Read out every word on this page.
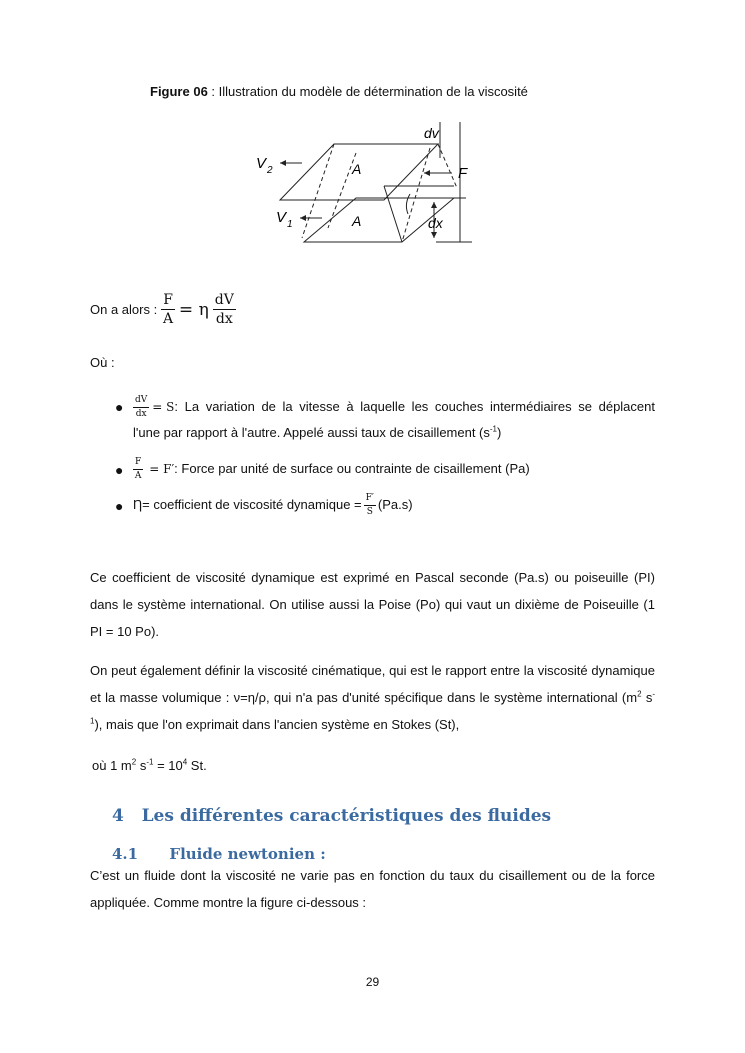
Figure 06 : Illustration du modèle de détermination de la viscosité
dv
V 2	A	F
V 1	A	dx
On a alors : $\frac{F}{A} = \eta \frac{dV}{dx}$
Où :
● $\frac{dV}{dx} = S$ : La variation de la vitesse à laquelle les couches intermédiaires se déplacent
l'une par rapport à l'autre. Appelé aussi taux de cisaillement $(s^{-1})$
● $\frac{F}{A} = F'$ : Force par unité de surface ou contrainte de cisaillement (Pa)
● Ƞ= coefficient de viscosité dynamique = $\frac{F'}{S} (Pa.s)$
Ce coefficient de viscosité dynamique est exprimé en Pascal seconde (Pa.s) ou poiseuille (PI) dans le système international. On utilise aussi la Poise (Po) qui vaut un dixième de Poiseuille (1 PI = 10 Po).
On peut également définir la viscosité cinématique, qui est le rapport entre la viscosité dynamique et la masse volumique : ν=η/ρ, qui n'a pas d'unité spécifique dans le système international ($m^2$ $s^{-1}$), mais que l'on exprimait dans l'ancien système en Stokes (St),
où 1 $m^2$ $s^{-1} = 10^4$ St.
4   Les différentes caractéristiques des fluides
4.1      Fluide newtonien :
C’est un fluide dont la viscosité ne varie pas en fonction du taux du cisaillement ou de la force appliquée. Comme montre la figure ci-dessous :
29
